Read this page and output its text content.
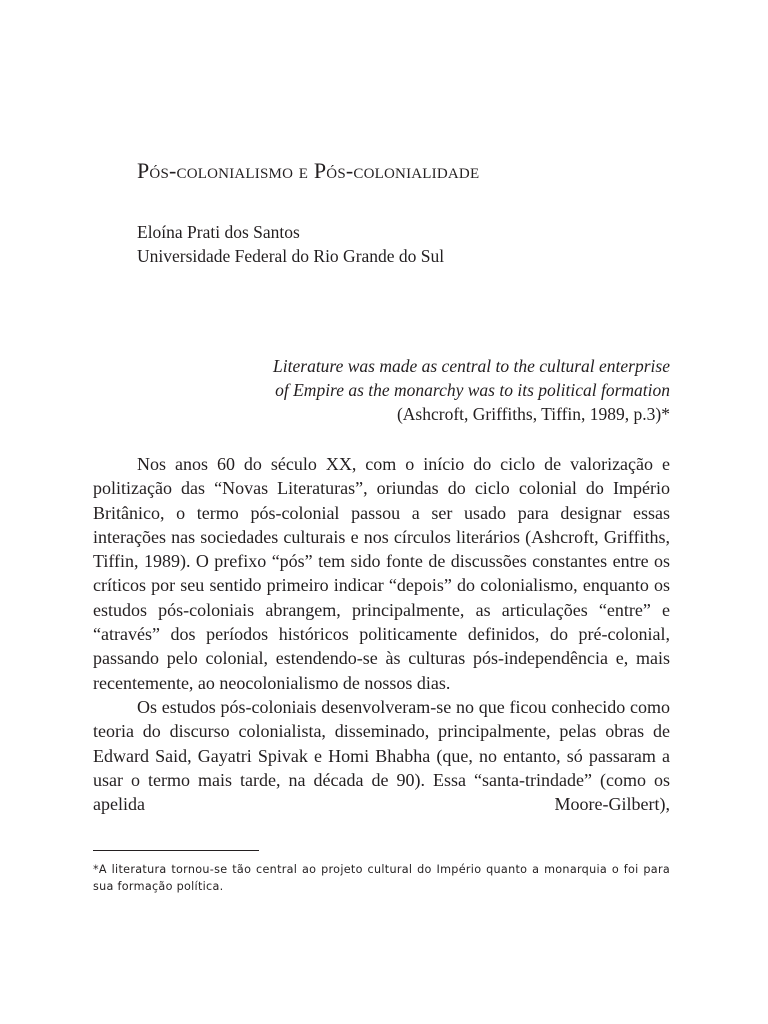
Pós-colonialismo e Pós-colonialidade
Eloína Prati dos Santos
Universidade Federal do Rio Grande do Sul
Literature was made as central to the cultural enterprise
of Empire as the monarchy was to its political formation
(Ashcroft, Griffiths, Tiffin, 1989, p.3)*

Nos anos 60 do século XX, com o início do ciclo de valorização e politização das “Novas Literaturas”, oriundas do ciclo colonial do Império Britânico, o termo pós-colonial passou a ser usado para designar essas interações nas sociedades culturais e nos círculos literários (Ashcroft, Griffiths, Tiffin, 1989). O prefixo “pós” tem sido fonte de discussões constantes entre os críticos por seu sentido primeiro indicar “depois” do colonialismo, enquanto os estudos pós-coloniais abrangem, principalmente, as articulações “entre” e “através” dos períodos históricos politicamente definidos, do pré-colonial, passando pelo colonial, estendendo-se às culturas pós-independência e, mais recentemente, ao neocolonialismo de nossos dias.

Os estudos pós-coloniais desenvolveram-se no que ficou conhecido como teoria do discurso colonialista, disseminado, principalmente, pelas obras de Edward Said, Gayatri Spivak e Homi Bhabha (que, no entanto, só passaram a usar o termo mais tarde, na década de 90). Essa “santa-trindade” (como os apelida Moore-Gilbert),

*A literatura tornou-se tão central ao projeto cultural do Império quanto a monarquia o foi para sua formação política.
